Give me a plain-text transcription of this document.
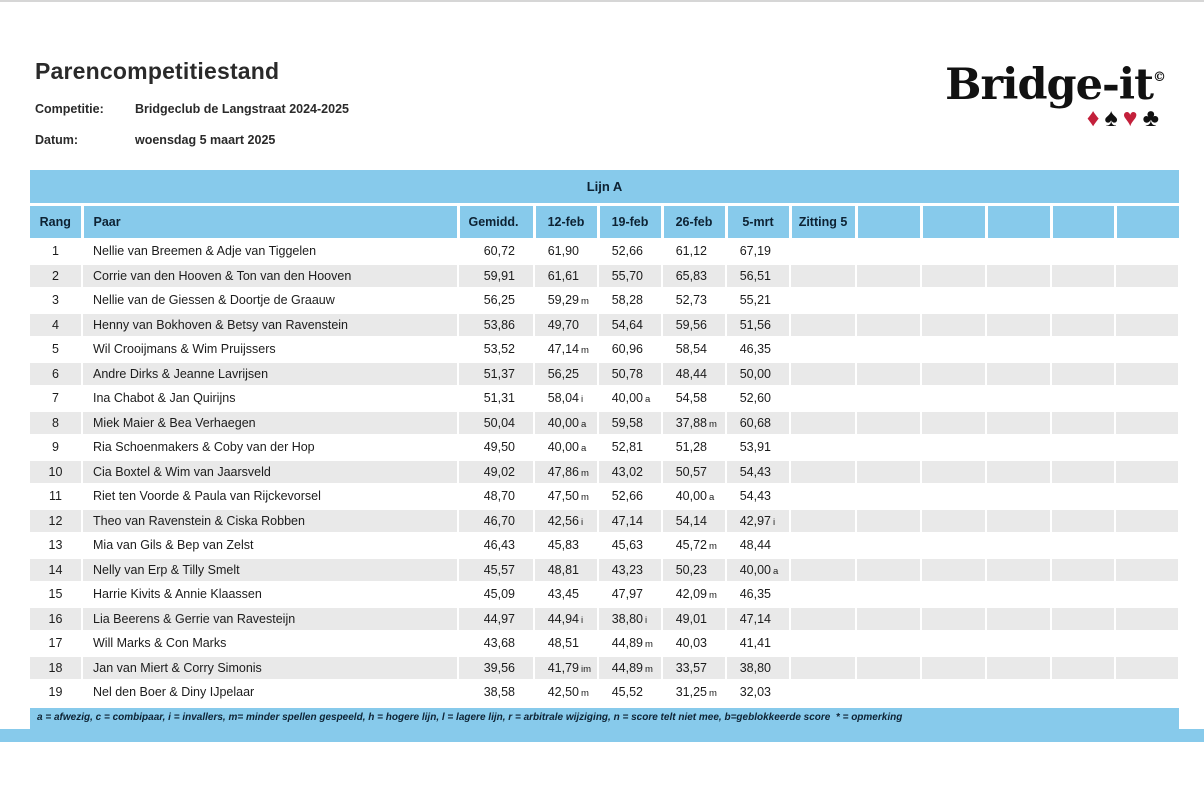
Parencompetitiestand
Competitie:	Bridgeclub de Langstraat 2024-2025
Datum:	woensdag 5 maart 2025
Bridge-it©
♦♠♥♣
Lijn A
Rang	Paar	Gemidd.	12-feb	19-feb	26-feb	5-mrt	Zitting 5					
1	Nellie van Breemen & Adje van Tiggelen	60,72	61,90	52,66	61,12	67,19						
2	Corrie van den Hooven & Ton van den Hooven	59,91	61,61	55,70	65,83	56,51						
3	Nellie van de Giessen & Doortje de Graauw	56,25	59,29 m	58,28	52,73	55,21						
4	Henny van Bokhoven & Betsy van Ravenstein	53,86	49,70	54,64	59,56	51,56						
5	Wil Crooijmans & Wim Pruijssers	53,52	47,14 m	60,96	58,54	46,35						
6	Andre Dirks & Jeanne Lavrijsen	51,37	56,25	50,78	48,44	50,00						
7	Ina Chabot & Jan Quirijns	51,31	58,04 i	40,00 a	54,58	52,60						
8	Miek Maier & Bea Verhaegen	50,04	40,00 a	59,58	37,88 m	60,68						
9	Ria Schoenmakers & Coby van der Hop	49,50	40,00 a	52,81	51,28	53,91						
10	Cia Boxtel & Wim van Jaarsveld	49,02	47,86 m	43,02	50,57	54,43						
11	Riet ten Voorde & Paula van Rijckevorsel	48,70	47,50 m	52,66	40,00 a	54,43						
12	Theo van Ravenstein & Ciska Robben	46,70	42,56 i	47,14	54,14	42,97 i						
13	Mia van Gils & Bep van Zelst	46,43	45,83	45,63	45,72 m	48,44						
14	Nelly van Erp & Tilly Smelt	45,57	48,81	43,23	50,23	40,00 a						
15	Harrie Kivits & Annie Klaassen	45,09	43,45	47,97	42,09 m	46,35						
16	Lia Beerens & Gerrie van Ravesteijn	44,97	44,94 i	38,80 i	49,01	47,14						
17	Will Marks & Con Marks	43,68	48,51	44,89 m	40,03	41,41						
18	Jan van Miert & Corry Simonis	39,56	41,79 im	44,89 m	33,57	38,80						
19	Nel den Boer & Diny IJpelaar	38,58	42,50 m	45,52	31,25 m	32,03						
a = afwezig, c = combipaar, i = invallers, m= minder spellen gespeeld, h = hogere lijn, l = lagere lijn, r = arbitrale wijziging, n = score telt niet mee, b=geblokkeerde score  * = opmerking
